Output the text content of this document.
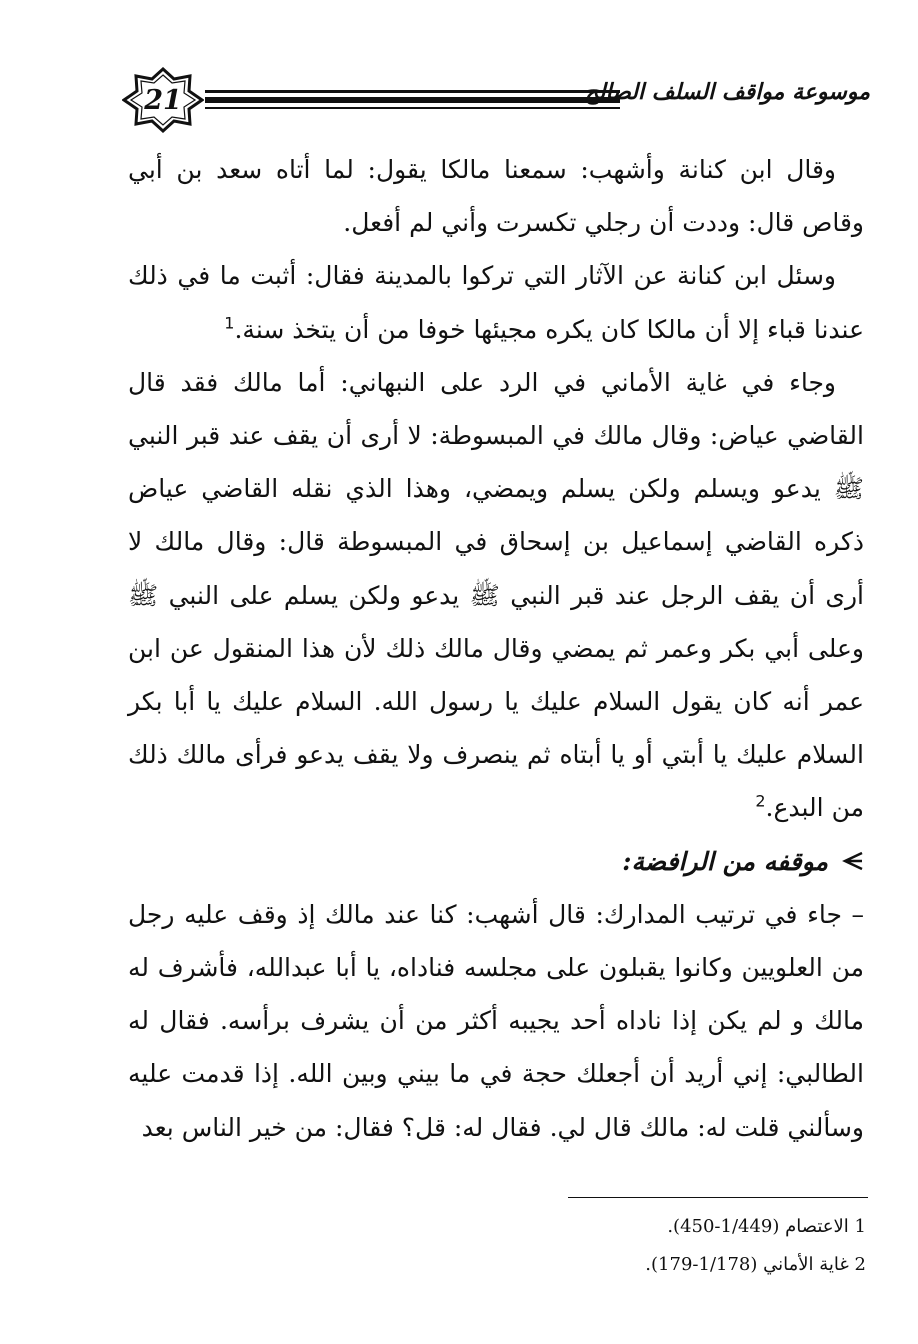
21	موسوعة مواقف السلف الصالح

وقال ابن كنانة وأشهب: سمعنا مالكا يقول: لما أتاه سعد بن أبي وقاص قال: وددت أن رجلي تكسرت وأني لم أفعل.

وسئل ابن كنانة عن الآثار التي تركوا بالمدينة فقال: أثبت ما في ذلك عندنا قباء إلا أن مالكا كان يكره مجيئها خوفا من أن يتخذ سنة.$^1$

وجاء في غاية الأماني في الرد على النبهاني: أما مالك فقد قال القاضي عياض: وقال مالك في المبسوطة: لا أرى أن يقف عند قبر النبي ﷺ يدعو ويسلم ولكن يسلم ويمضي، وهذا الذي نقله القاضي عياض ذكره القاضي إسماعيل بن إسحاق في المبسوطة قال: وقال مالك لا أرى أن يقف الرجل عند قبر النبي ﷺ يدعو ولكن يسلم على النبي ﷺ وعلى أبي بكر وعمر ثم يمضي وقال مالك ذلك لأن هذا المنقول عن ابن عمر أنه كان يقول السلام عليك يا رسول الله. السلام عليك يا أبا بكر السلام عليك يا أبتي أو يا أبتاه ثم ينصرف ولا يقف يدعو فرأى مالك ذلك من البدع.$^2$

موقفه من الرافضة:

– جاء في ترتيب المدارك: قال أشهب: كنا عند مالك إذ وقف عليه رجل من العلويين وكانوا يقبلون على مجلسه فناداه، يا أبا عبدالله، فأشرف له مالك و لم يكن إذا ناداه أحد يجيبه أكثر من أن يشرف برأسه. فقال له الطالبي: إني أريد أن أجعلك حجة في ما بيني وبين الله. إذا قدمت عليه وسألني قلت له: مالك قال لي. فقال له: قل؟ فقال: من خير الناس بعد

1 الاعتصام (1/449-450).
2 غاية الأماني (1/178-179).
